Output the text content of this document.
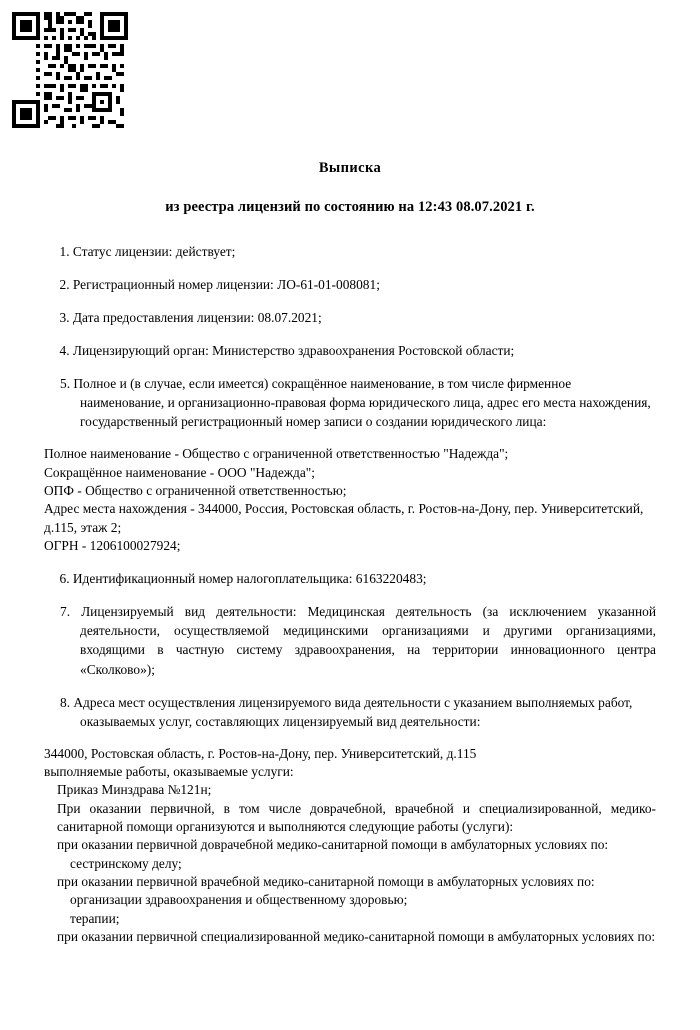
Выписка
из реестра лицензий по состоянию на 12:43 08.07.2021 г.
1. Статус лицензии: действует;
2. Регистрационный номер лицензии: ЛО-61-01-008081;
3. Дата предоставления лицензии: 08.07.2021;
4. Лицензирующий орган: Министерство здравоохранения Ростовской области;
5. Полное и (в случае, если имеется) сокращённое наименование, в том числе фирменное наименование, и организационно-правовая форма юридического лица, адрес его места нахождения, государственный регистрационный номер записи о создании юридического лица:
Полное наименование - Общество с ограниченной ответственностью "Надежда";
Сокращённое наименование - ООО "Надежда";
ОПФ - Общество с ограниченной ответственностью;
Адрес места нахождения - 344000, Россия, Ростовская область, г. Ростов-на-Дону, пер. Университетский, д.115, этаж 2;
ОГРН - 1206100027924;
6. Идентификационный номер налогоплательщика: 6163220483;
7. Лицензируемый вид деятельности: Медицинская деятельность (за исключением указанной деятельности, осуществляемой медицинскими организациями и другими организациями, входящими в частную систему здравоохранения, на территории инновационного центра «Сколково»);
8. Адреса мест осуществления лицензируемого вида деятельности с указанием выполняемых работ, оказываемых услуг, составляющих лицензируемый вид деятельности:
344000, Ростовская область, г. Ростов-на-Дону, пер. Университетский, д.115
выполняемые работы, оказываемые услуги:
Приказ Минздрава №121н;
При оказании первичной, в том числе доврачебной, врачебной и специализированной, медико-санитарной помощи организуются и выполняются следующие работы (услуги):
при оказании первичной доврачебной медико-санитарной помощи в амбулаторных условиях по:
сестринскому делу;
при оказании первичной врачебной медико-санитарной помощи в амбулаторных условиях по:
организации здравоохранения и общественному здоровью;
терапии;
при оказании первичной специализированной медико-санитарной помощи в амбулаторных условиях по:
